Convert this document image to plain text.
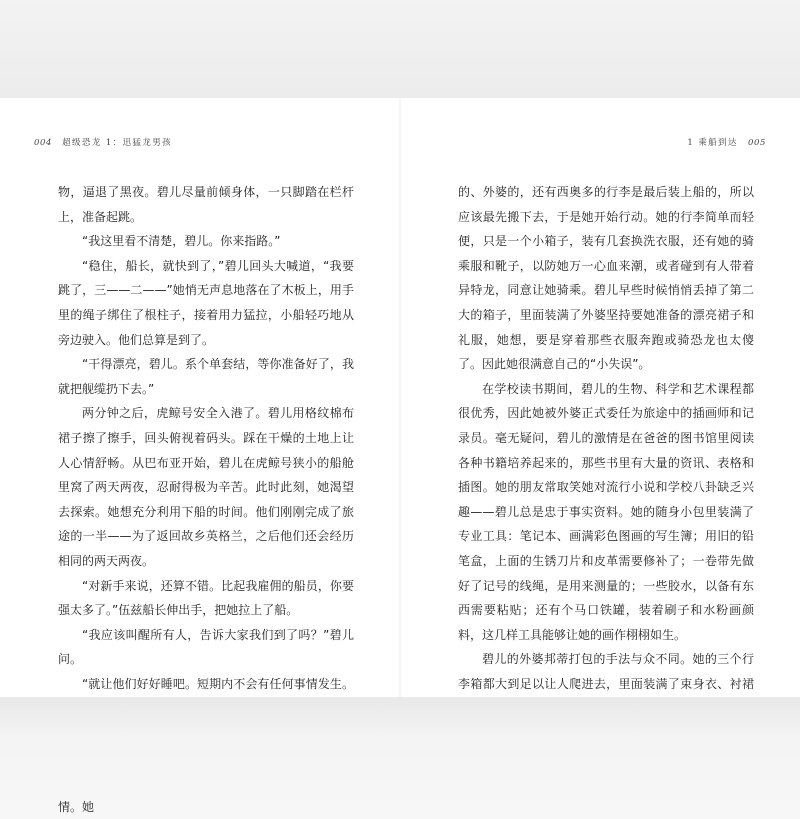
004 超级恐龙 1：迅猛龙男孩

物，逼退了黑夜。碧儿尽量前倾身体，一只脚踏在栏杆上，准备起跳。

“我这里看不清楚，碧儿。你来指路。”

“稳住，船长，就快到了，”碧儿回头大喊道，“我要跳了，三——二——”她悄无声息地落在了木板上，用手里的绳子绑住了根柱子，接着用力猛拉，小船轻巧地从旁边驶入。他们总算是到了。

“干得漂亮，碧儿。系个单套结，等你准备好了，我就把舰缆扔下去。”

两分钟之后，虎鲸号安全入港了。碧儿用格纹棉布裙子擦了擦手，回头俯视着码头。踩在干燥的土地上让人心情舒畅。从巴布亚开始，碧儿在虎鲸号狭小的船舱里窝了两天两夜，忍耐得极为辛苦。此时此刻，她渴望去探索。她想充分利用下船的时间。他们刚刚完成了旅途的一半——为了返回故乡英格兰，之后他们还会经历相同的两天两夜。

“对新手来说，还算不错。比起我雇佣的船员，你要强太多了。”伍兹船长伸出手，把她拉上了船。

“我应该叫醒所有人，告诉大家我们到了吗？”碧儿问。

“就让他们好好睡吧。短期内不会有任何事情发生。

情。她

1 乘船到达 005

的、外婆的，还有西奥多的行李是最后装上船的，所以应该最先搬下去，于是她开始行动。她的行李简单而轻便，只是一个小箱子，装有几套换洗衣服，还有她的骑乘服和靴子，以防她万一心血来潮，或者碰到有人带着异特龙，同意让她骑乘。碧儿早些时候悄悄丢掉了第二大的箱子，里面装满了外婆坚持要她准备的漂亮裙子和礼服，她想，要是穿着那些衣服奔跑或骑恐龙也太傻了。因此她很满意自己的“小失误”。

在学校读书期间，碧儿的生物、科学和艺术课程都很优秀，因此她被外婆正式委任为旅途中的插画师和记录员。毫无疑问，碧儿的激情是在爸爸的图书馆里阅读各种书籍培养起来的，那些书里有大量的资讯、表格和插图。她的朋友常取笑她对流行小说和学校八卦缺乏兴趣——碧儿总是忠于事实资料。她的随身小包里装满了专业工具：笔记本、画满彩色图画的写生簿；用旧的铅笔盒，上面的生锈刀片和皮革需要修补了；一卷带先做好了记号的线绳，是用来测量的；一些胶水，以备有东西需要粘贴；还有个马口铁罐，装着刷子和水粉画颜料，这几样工具能够让她的画作栩栩如生。

碧儿的外婆邦蒂打包的手法与众不同。她的三个行李箱都大到足以让人爬进去，里面装满了束身衣、衬裙
